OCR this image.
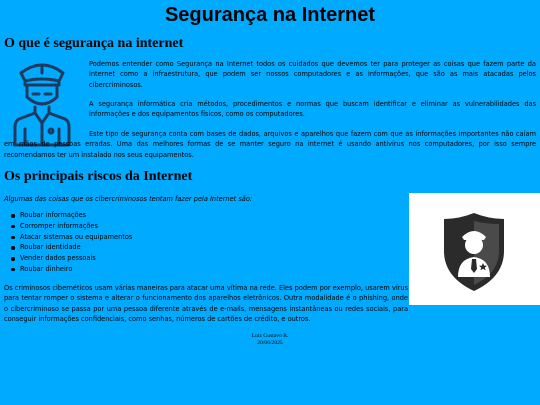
Segurança na Internet
O que é segurança na internet

Podemos entender como Segurança na Internet todos os cuidados que devemos ter para proteger as coisas que fazem parte da internet como a infraestrutura, que podem ser nossos computadores e as informações, que são as mais atacadas pelos cibercriminosos.

A segurança informática cria métodos, procedimentos e normas que buscam identificar e eliminar as vulnerabilidades das informações e dos equipamentos físicos, como os computadores.

Este tipo de segurança conta com bases de dados, arquivos e aparelhos que fazem com que as informações importantes não caiam em mãos de pessoas erradas. Uma das melhores formas de se manter seguro na internet é usando antivírus nos computadores, por isso sempre recomendamos ter um instalado nos seus equipamentos.

Os principais riscos da Internet

Algumas das coisas que os cibercriminosos tentam fazer pela Internet são:

Roubar informações
Corromper informações
Atacar sistemas ou equipamentos
Roubar identidade
Vender dados pessoais
Roubar dinheiro

Os criminosos cibernéticos usam várias maneiras para atacar uma vítima na rede. Eles podem por exemplo, usarem vírus para tentar romper o sistema e alterar o funcionamento dos aparelhos eletrônicos. Outra modalidade é o phishing, onde o cibercriminoso se passa por uma pessoa diferente através de e-mails, mensagens instantâneas ou redes sociais, para conseguir informações confidenciais, como senhas, números de cartões de crédito, e outros.

Luiz Gustavo R.
20/06/2025
